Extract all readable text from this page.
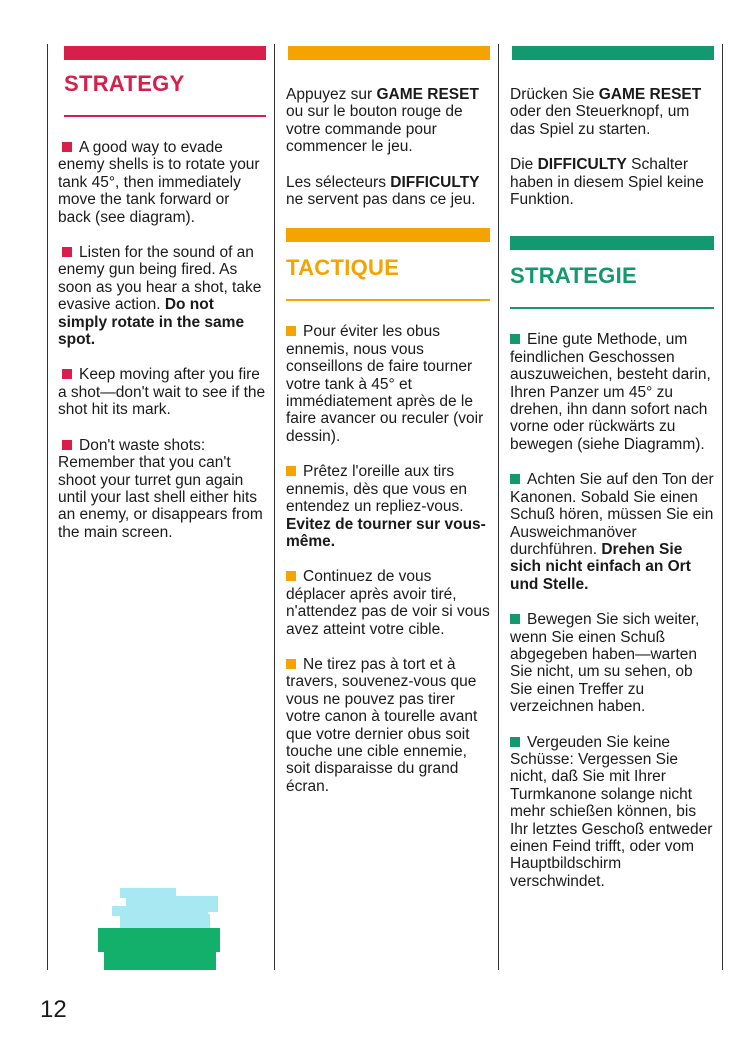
STRATEGY

A good way to evade enemy shells is to rotate your tank 45°, then immediately move the tank forward or back (see diagram).

Listen for the sound of an enemy gun being fired. As soon as you hear a shot, take evasive action. Do not simply rotate in the same spot.

Keep moving after you fire a shot—don't wait to see if the shot hit its mark.

Don't waste shots: Remember that you can't shoot your turret gun again until your last shell either hits an enemy, or disappears from the main screen.

Appuyez sur GAME RESET ou sur le bouton rouge de votre commande pour commencer le jeu.

Les sélecteurs DIFFICULTY ne servent pas dans ce jeu.

TACTIQUE

Pour éviter les obus ennemis, nous vous conseillons de faire tourner votre tank à 45° et immédiatement après de le faire avancer ou reculer (voir dessin).

Prêtez l'oreille aux tirs ennemis, dès que vous en entendez un repliez-vous. Evitez de tourner sur vous-même.

Continuez de vous déplacer après avoir tiré, n'attendez pas de voir si vous avez atteint votre cible.

Ne tirez pas à tort et à travers, souvenez-vous que vous ne pouvez pas tirer votre canon à tourelle avant que votre dernier obus soit touche une cible ennemie, soit disparaisse du grand écran.

Drücken Sie GAME RESET oder den Steuerknopf, um das Spiel zu starten.

Die DIFFICULTY Schalter haben in diesem Spiel keine Funktion.

STRATEGIE

Eine gute Methode, um feindlichen Geschossen auszuweichen, besteht darin, Ihren Panzer um 45° zu drehen, ihn dann sofort nach vorne oder rückwärts zu bewegen (siehe Diagramm).

Achten Sie auf den Ton der Kanonen. Sobald Sie einen Schuß hören, müssen Sie ein Ausweichmanöver durchführen. Drehen Sie sich nicht einfach an Ort und Stelle.

Bewegen Sie sich weiter, wenn Sie einen Schuß abgegeben haben—warten Sie nicht, um su sehen, ob Sie einen Treffer zu verzeichnen haben.

Vergeuden Sie keine Schüsse: Vergessen Sie nicht, daß Sie mit Ihrer Turmkanone solange nicht mehr schießen können, bis Ihr letztes Geschoß entweder einen Feind trifft, oder vom Hauptbildschirm verschwindet.

12
